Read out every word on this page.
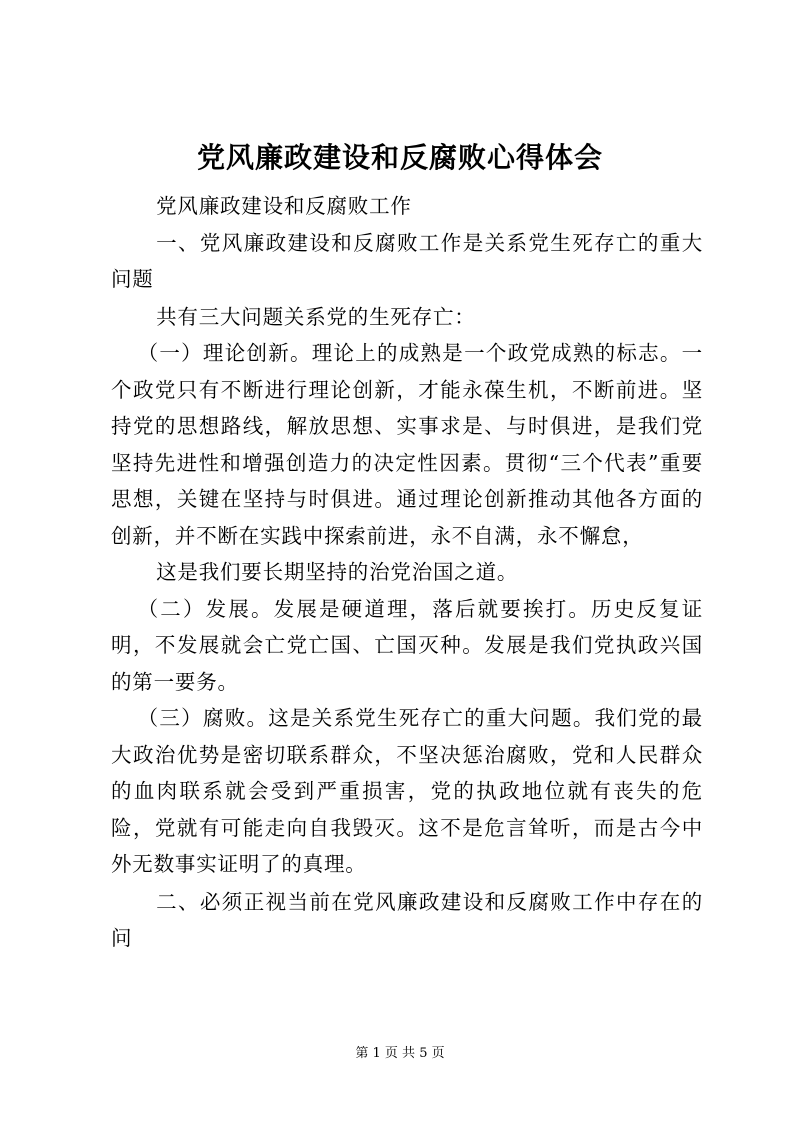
党风廉政建设和反腐败心得体会

党风廉政建设和反腐败工作

一、党风廉政建设和反腐败工作是关系党生死存亡的重大问题

共有三大问题关系党的生死存亡：

（一）理论创新。理论上的成熟是一个政党成熟的标志。一个政党只有不断进行理论创新，才能永葆生机，不断前进。坚持党的思想路线，解放思想、实事求是、与时俱进，是我们党坚持先进性和增强创造力的决定性因素。贯彻“三个代表”重要思想，关键在坚持与时俱进。通过理论创新推动其他各方面的创新，并不断在实践中探索前进，永不自满，永不懈怠，

这是我们要长期坚持的治党治国之道。

（二）发展。发展是硬道理，落后就要挨打。历史反复证明，不发展就会亡党亡国、亡国灭种。发展是我们党执政兴国的第一要务。

（三）腐败。这是关系党生死存亡的重大问题。我们党的最大政治优势是密切联系群众，不坚决惩治腐败，党和人民群众的血肉联系就会受到严重损害，党的执政地位就有丧失的危险，党就有可能走向自我毁灭。这不是危言耸听，而是古今中外无数事实证明了的真理。

二、必须正视当前在党风廉政建设和反腐败工作中存在的问

第 1 页 共 5 页
